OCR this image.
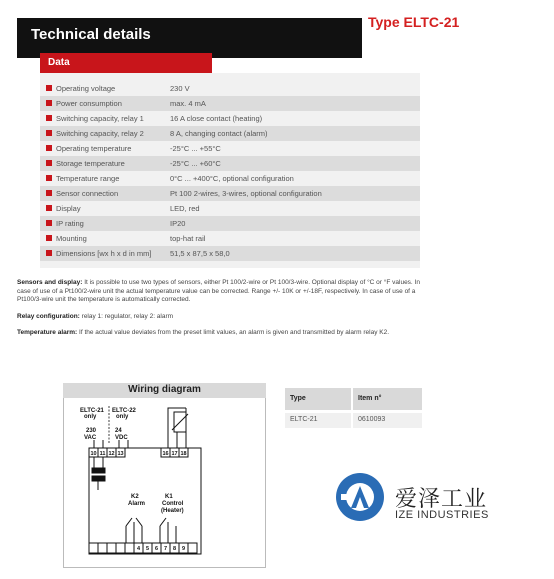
Technical details
Type ELTC-21
Data
Operating voltage	230 V
Power consumption	max. 4 mA
Switching capacity, relay 1	16 A close contact (heating)
Switching capacity, relay 2	8 A, changing contact (alarm)
Operating temperature	-25°C ... +55°C
Storage temperature	-25°C ... +60°C
Temperature range	0°C ... +400°C, optional configuration
Sensor connection	Pt 100 2-wires, 3-wires, optional configuration
Display	LED, red
IP rating	IP20
Mounting	top-hat rail
Dimensions [wx h x d in mm] 51,5 x 87,5 x 58,0
Sensors and display: It is possible to use two types of sensors, either Pt 100/2-wire or Pt 100/3-wire. Optional display of °C or °F values. In case of use of a Pt100/2-wire unit the actual temperature value can be corrected. Range +/- 10K or +/-18F, respectively. In case of use of a Pt100/3-wire unit the temperature is automatically corrected.
Relay configuration: relay 1: regulator, relay 2: alarm
Temperature alarm: If the actual value deviates from the preset limit values, an alarm is given and transmitted by alarm relay K2.
Wiring diagram
ELTC-21
only
ELTC-22
only
230
VAC
24
VDC
10 11 12 13	16 17 18
K2
Alarm
K1
Control
(Heater)
4 5 6 7 8 9
Type	Item n°
ELTC-21	0610093
爱泽工业
IZE INDUSTRIES
